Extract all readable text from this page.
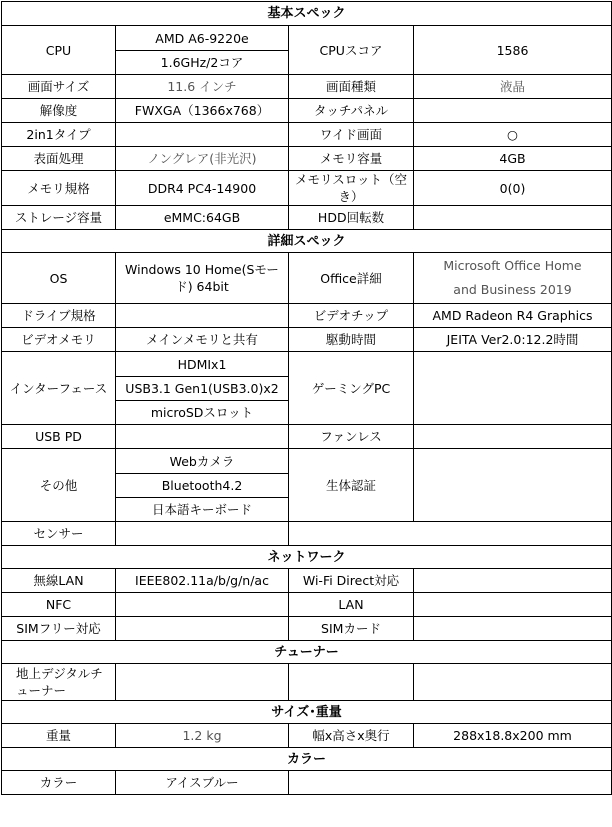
基本スペック			
CPU	AMD A6-9220e	CPUスコア	1586
	1.6GHz/2コア		
画面サイズ	11.6 インチ	画面種類	液晶
解像度	FWXGA（1366x768）	タッチパネル	
2in1タイプ		ワイド画面	○
表面処理	ノングレア(非光沢)	メモリ容量	4GB
メモリ規格	DDR4 PC4-14900	メモリスロット（空き）	0(0)
ストレージ容量	eMMC:64GB	HDD回転数	
詳細スペック			
OS	Windows 10 Home(Sモード) 64bit	Office詳細	Microsoft Office Home
and Business 2019
ドライブ規格		ビデオチップ	AMD Radeon R4 Graphics
ビデオメモリ	メインメモリと共有	駆動時間	JEITA Ver2.0:12.2時間
インターフェース	HDMIx1	ゲーミングPC	
	USB3.1 Gen1(USB3.0)x2		
	microSDスロット		
USB PD		ファンレス	
その他	Webカメラ	生体認証	
	Bluetooth4.2		
	日本語キーボード		
センサー			
ネットワーク			
無線LAN	IEEE802.11a/b/g/n/ac	Wi-Fi Direct対応	
NFC		LAN	
SIMフリー対応		SIMカード	
チューナー			
地上デジタルチューナー			
サイズ･重量			
重量	1.2 kg	幅x高さx奥行	288x18.8x200 mm
カラー			
カラー	アイスブルー		
